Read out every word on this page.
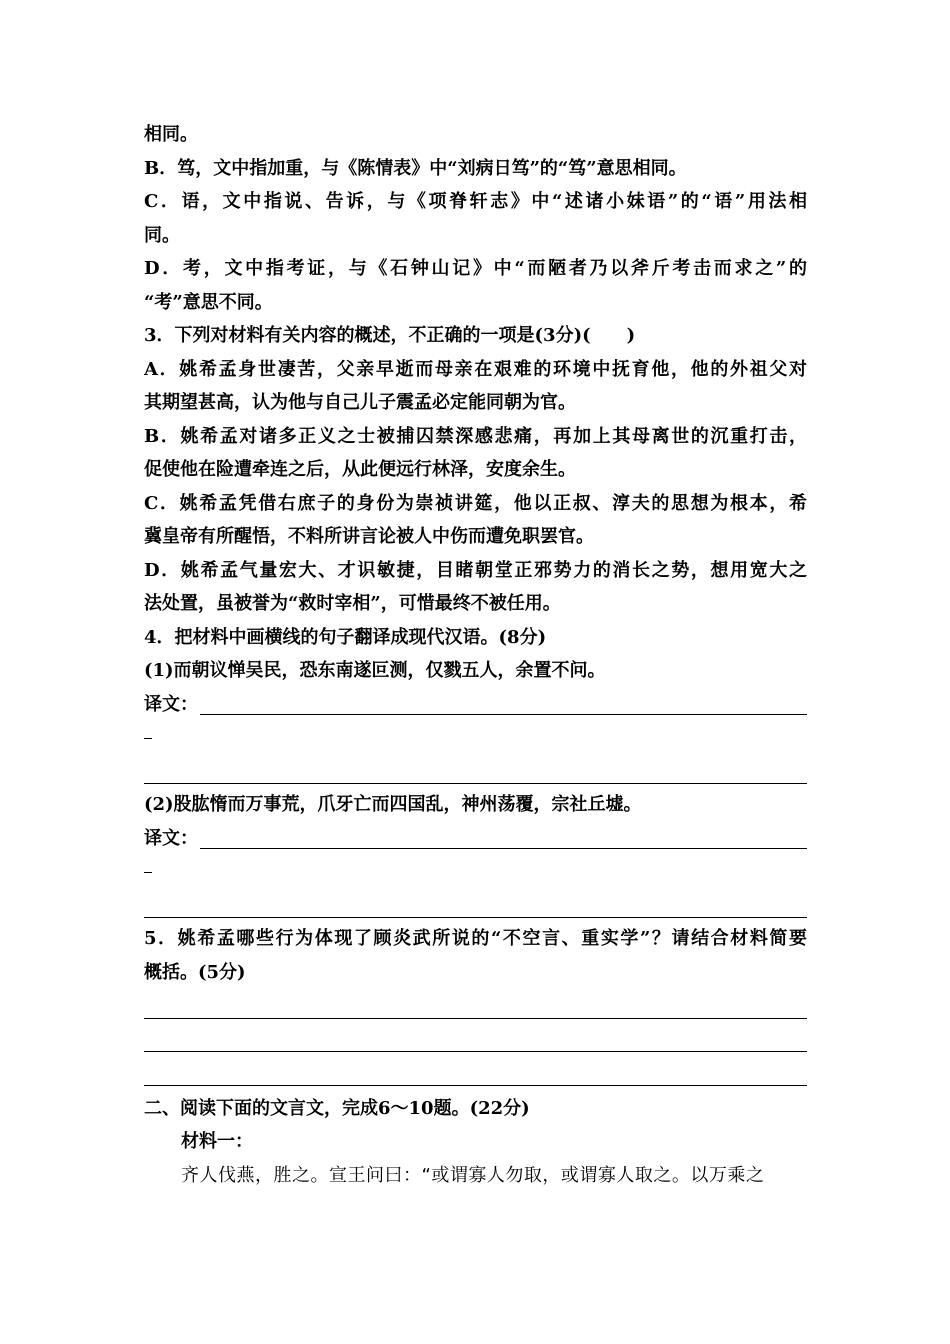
相同。
B．笃，文中指加重，与《陈情表》中“刘病日笃”的“笃”意思相同。
C．语，文中指说、告诉，与《项脊轩志》中“述诸小妹语”的“语”用法相
同。
D．考，文中指考证，与《石钟山记》中“而陋者乃以斧斤考击而求之”的
“考”意思不同。
3．下列对材料有关内容的概述，不正确的一项是(3分)(　　)
A．姚希孟身世凄苦，父亲早逝而母亲在艰难的环境中抚育他，他的外祖父对
其期望甚高，认为他与自己儿子震孟必定能同朝为官。
B．姚希孟对诸多正义之士被捕囚禁深感悲痛，再加上其母离世的沉重打击，
促使他在险遭牵连之后，从此便远行林泽，安度余生。
C．姚希孟凭借右庶子的身份为崇祯讲筵，他以正叔、淳夫的思想为根本，希
冀皇帝有所醒悟，不料所讲言论被人中伤而遭免职罢官。
D．姚希孟气量宏大、才识敏捷，目睹朝堂正邪势力的消长之势，想用宽大之
法处置，虽被誉为“救时宰相”，可惜最终不被任用。
4．把材料中画横线的句子翻译成现代汉语。(8分)
(1)而朝议惮吴民，恐东南遂叵测，仅戮五人，余置不问。
译文：
(2)股肱惰而万事荒，爪牙亡而四国乱，神州荡覆，宗社丘墟。
译文：
5．姚希孟哪些行为体现了顾炎武所说的“不空言、重实学”？请结合材料简要
概括。(5分)
二、阅读下面的文言文，完成6～10题。(22分)
材料一：
齐人伐燕，胜之。宣王问曰：“或谓寡人勿取，或谓寡人取之。以万乘之
